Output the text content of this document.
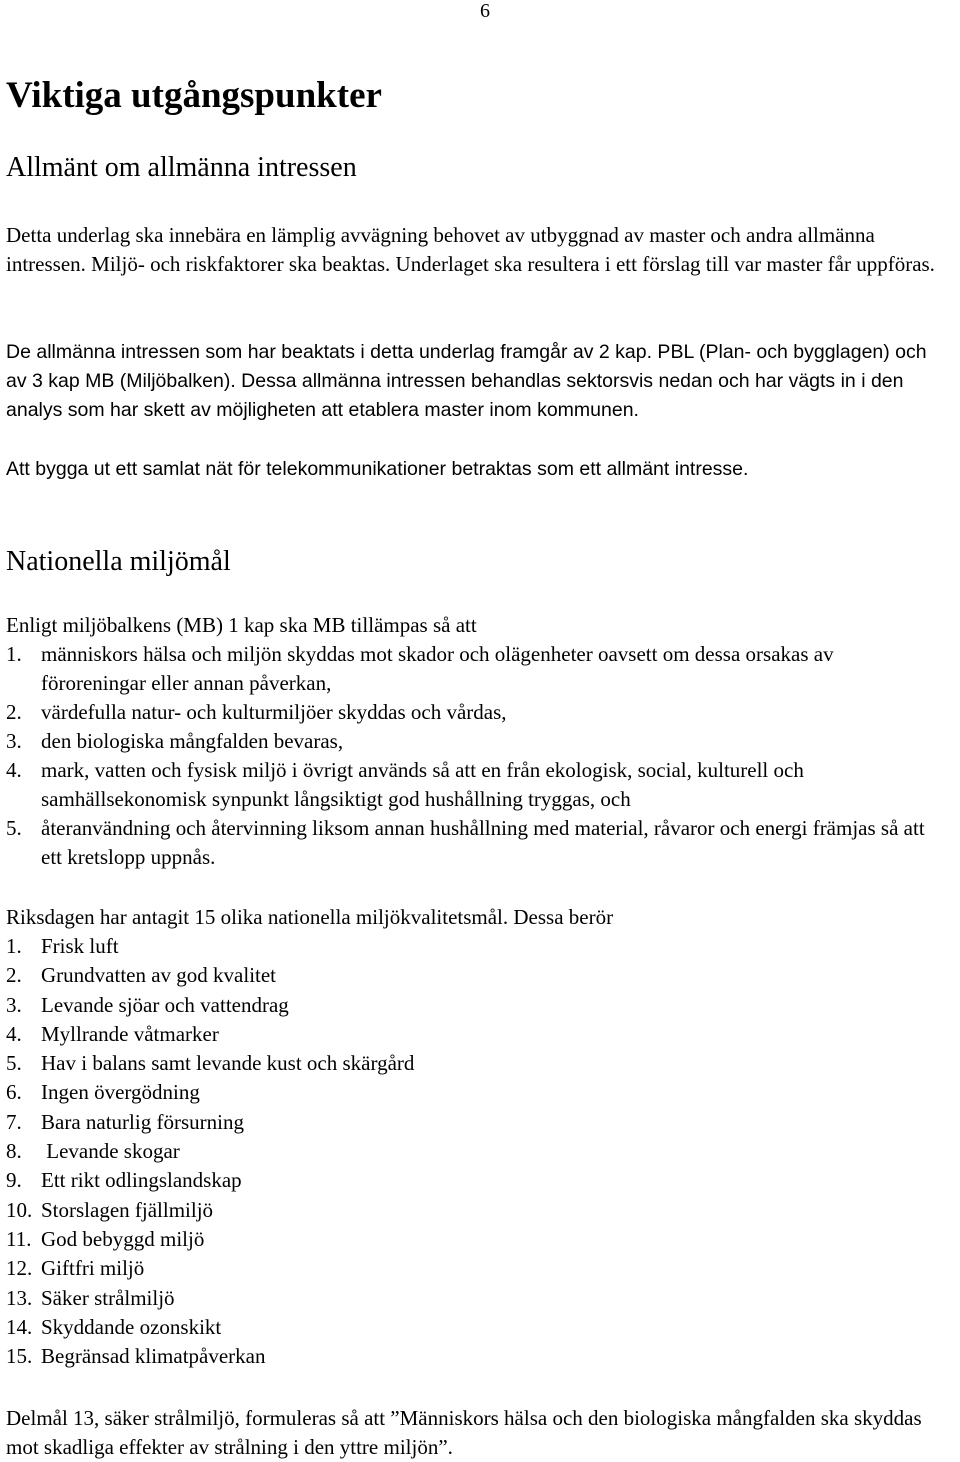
6
Viktiga utgångspunkter
Allmänt om allmänna intressen

Detta underlag ska innebära en lämplig avvägning behovet av utbyggnad av master och andra allmänna intressen. Miljö- och riskfaktorer ska beaktas. Underlaget ska resultera i ett förslag till var master får uppföras.

De allmänna intressen som har beaktats i detta underlag framgår av 2 kap. PBL (Plan- och bygglagen) och av 3 kap MB (Miljöbalken). Dessa allmänna intressen behandlas sektorsvis nedan och har vägts in i den analys som har skett av möjligheten att etablera master inom kommunen.

Att bygga ut ett samlat nät för telekommunikationer betraktas som ett allmänt intresse.

Nationella miljömål

Enligt miljöbalkens (MB) 1 kap ska MB tillämpas så att

1. människors hälsa och miljön skyddas mot skador och olägenheter oavsett om dessa orsakas av föroreningar eller annan påverkan,
2. värdefulla natur- och kulturmiljöer skyddas och vårdas,
3. den biologiska mångfalden bevaras,
4. mark, vatten och fysisk miljö i övrigt används så att en från ekologisk, social, kulturell och samhällsekonomisk synpunkt långsiktigt god hushållning tryggas, och
5. återanvändning och återvinning liksom annan hushållning med material, råvaror och energi främjas så att ett kretslopp uppnås.

Riksdagen har antagit 15 olika nationella miljökvalitetsmål. Dessa berör

1. Frisk luft
2. Grundvatten av god kvalitet
3. Levande sjöar och vattendrag
4. Myllrande våtmarker
5. Hav i balans samt levande kust och skärgård
6. Ingen övergödning
7. Bara naturlig försurning
8. Levande skogar
9. Ett rikt odlingslandskap
10. Storslagen fjällmiljö
11. God bebyggd miljö
12. Giftfri miljö
13. Säker strålmiljö
14. Skyddande ozonskikt
15. Begränsad klimatpåverkan

Delmål 13, säker strålmiljö, formuleras så att ”Människors hälsa och den biologiska mångfalden ska skyddas mot skadliga effekter av strålning i den yttre miljön”.
